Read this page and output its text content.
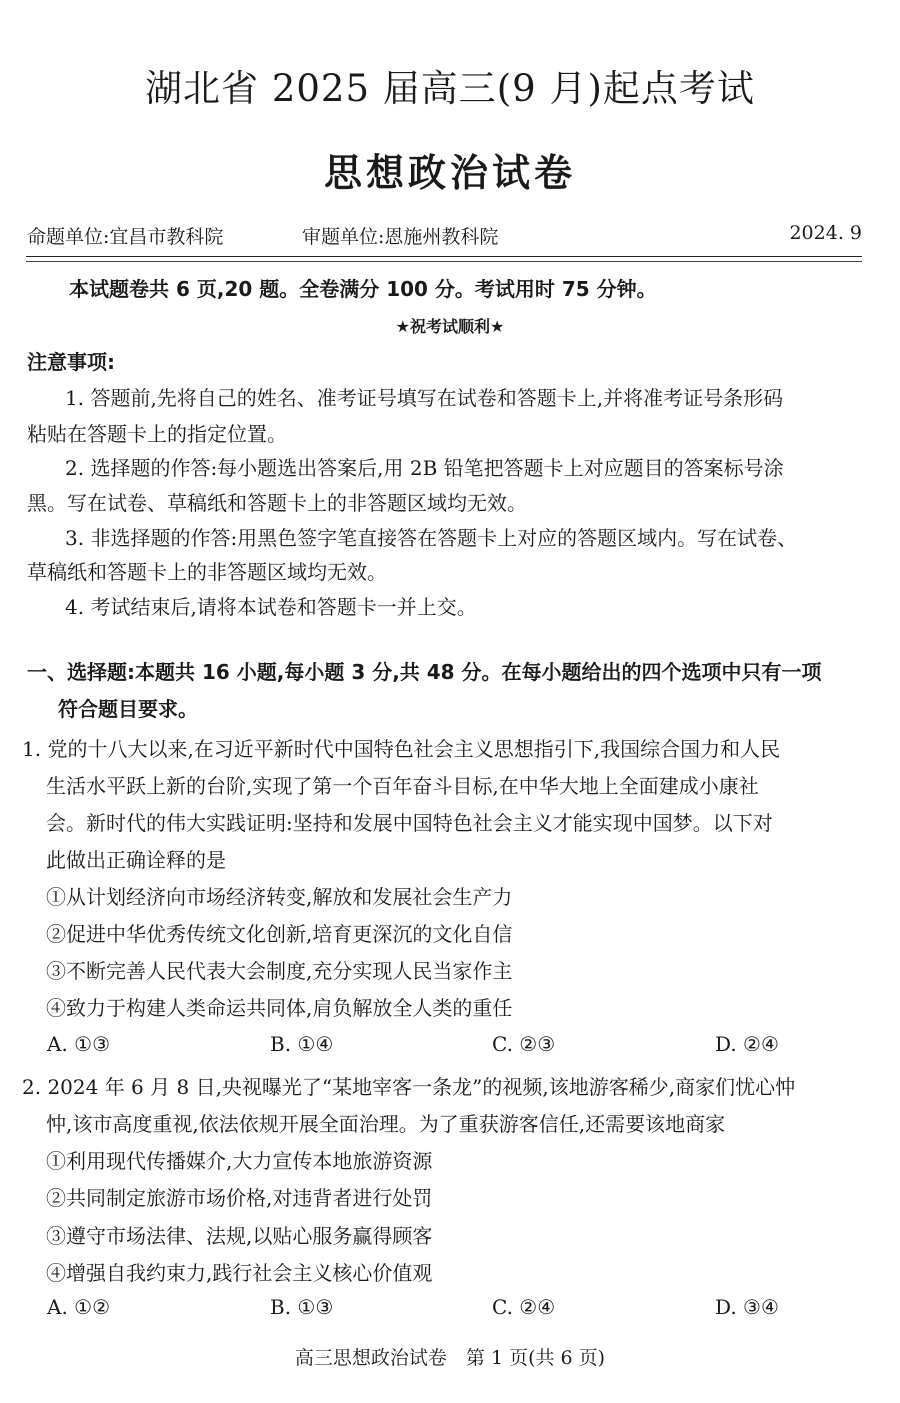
湖北省 2025 届高三(9 月)起点考试
思想政治试卷
命题单位:宜昌市教科院	审题单位:恩施州教科院	2024. 9
本试题卷共 6 页,20 题。全卷满分 100 分。考试用时 75 分钟。
★祝考试顺利★
注意事项:
1. 答题前,先将自己的姓名、准考证号填写在试卷和答题卡上,并将准考证号条形码
粘贴在答题卡上的指定位置。
2. 选择题的作答:每小题选出答案后,用 2B 铅笔把答题卡上对应题目的答案标号涂
黑。写在试卷、草稿纸和答题卡上的非答题区域均无效。
3. 非选择题的作答:用黑色签字笔直接答在答题卡上对应的答题区域内。写在试卷、
草稿纸和答题卡上的非答题区域均无效。
4. 考试结束后,请将本试卷和答题卡一并上交。
一、选择题:本题共 16 小题,每小题 3 分,共 48 分。在每小题给出的四个选项中只有一项
符合题目要求。
1. 党的十八大以来,在习近平新时代中国特色社会主义思想指引下,我国综合国力和人民
生活水平跃上新的台阶,实现了第一个百年奋斗目标,在中华大地上全面建成小康社
会。新时代的伟大实践证明:坚持和发展中国特色社会主义才能实现中国梦。以下对
此做出正确诠释的是
①从计划经济向市场经济转变,解放和发展社会生产力
②促进中华优秀传统文化创新,培育更深沉的文化自信
③不断完善人民代表大会制度,充分实现人民当家作主
④致力于构建人类命运共同体,肩负解放全人类的重任
A. ①③	B. ①④	C. ②③	D. ②④
2. 2024 年 6 月 8 日,央视曝光了“某地宰客一条龙”的视频,该地游客稀少,商家们忧心忡
忡,该市高度重视,依法依规开展全面治理。为了重获游客信任,还需要该地商家
①利用现代传播媒介,大力宣传本地旅游资源
②共同制定旅游市场价格,对违背者进行处罚
③遵守市场法律、法规,以贴心服务赢得顾客
④增强自我约束力,践行社会主义核心价值观
A. ①②	B. ①③	C. ②④	D. ③④
高三思想政治试卷　第 1 页(共 6 页)
